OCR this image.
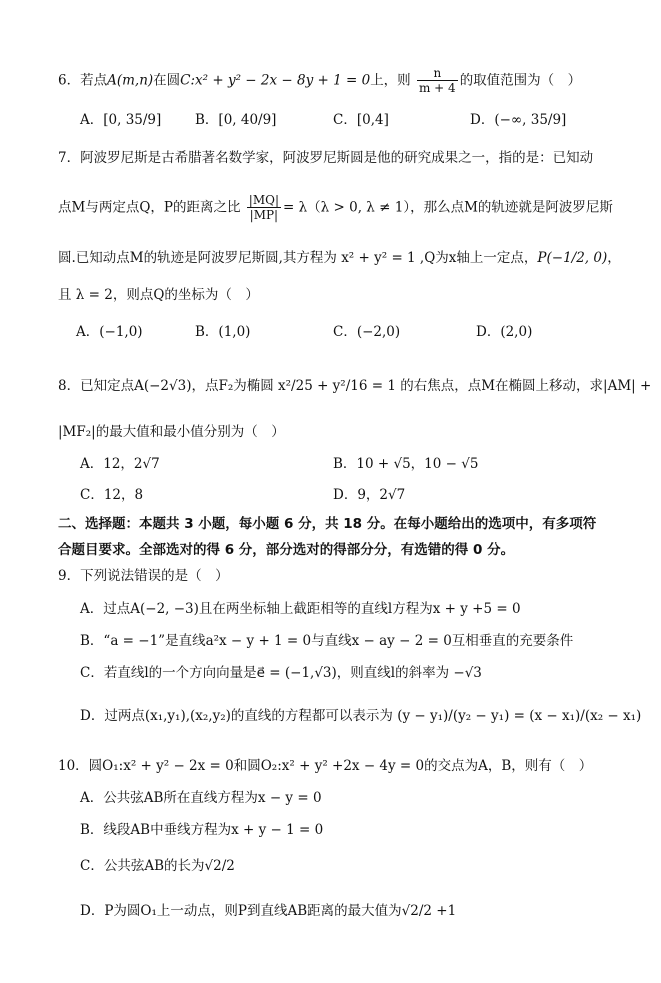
6．若点A(m,n)在圆C:x² + y² − 2x − 8y + 1 = 0上，则 $\frac{n}{m + 4}$ 的取值范围为（　）
A．[0, 35/9] B．[0, 40/9]	C．[0,4]	D．(−∞, 35/9]
7．阿波罗尼斯是古希腊著名数学家，阿波罗尼斯圆是他的研究成果之一，指的是：已知动
点M与两定点Q，P的距离之比 $\frac{|MQ|}{|MP|} = \lambda(\lambda > 0$, λ ≠ 1），那么点M的轨迹就是阿波罗尼斯
圆.已知动点M的轨迹是阿波罗尼斯圆,其方程为 x² + y² = 1 ,Q为x轴上一定点，P(−1/2, 0)，
且 λ = 2，则点Q的坐标为（　）
A．(−1,0)	B．(1,0)	C．(−2,0)	D．(2,0)
8．已知定点A(−2√3)，点F₂为椭圆 x²/25 + y²/16 = 1 的右焦点，点M在椭圆上移动，求|AM| +
|MF₂|的最大值和最小值分别为（　）
A．12，2√7	B．10 + √5，10 − √5
C．12，8	D．9，2√7
二、选择题：本题共 3 小题，每小题 6 分，共 18 分。在每小题给出的选项中，有多项符
合题目要求。全部选对的得 6 分，部分选对的得部分分，有选错的得 0 分。
9．下列说法错误的是（　）
A．过点A(−2, −3)且在两坐标轴上截距相等的直线l方程为x + y +5 = 0
B．“a = −1”是直线a²x − y + 1 = 0与直线x − ay − 2 = 0互相垂直的充要条件
C．若直线l的一个方向向量是e⃗ = (−1,√3)，则直线l的斜率为 −√3
D．过两点(x₁,y₁),(x₂,y₂)的直线的方程都可以表示为 (y − y₁)/(y₂ − y₁) = (x − x₁)/(x₂ − x₁)
10．圆O₁:x² + y² − 2x = 0和圆O₂:x² + y² +2x − 4y = 0的交点为A，B，则有（　）
A．公共弦AB所在直线方程为x − y = 0
B．线段AB中垂线方程为x + y − 1 = 0
C．公共弦AB的长为√2/2
D．P为圆O₁上一动点，则P到直线AB距离的最大值为√2/2 +1
